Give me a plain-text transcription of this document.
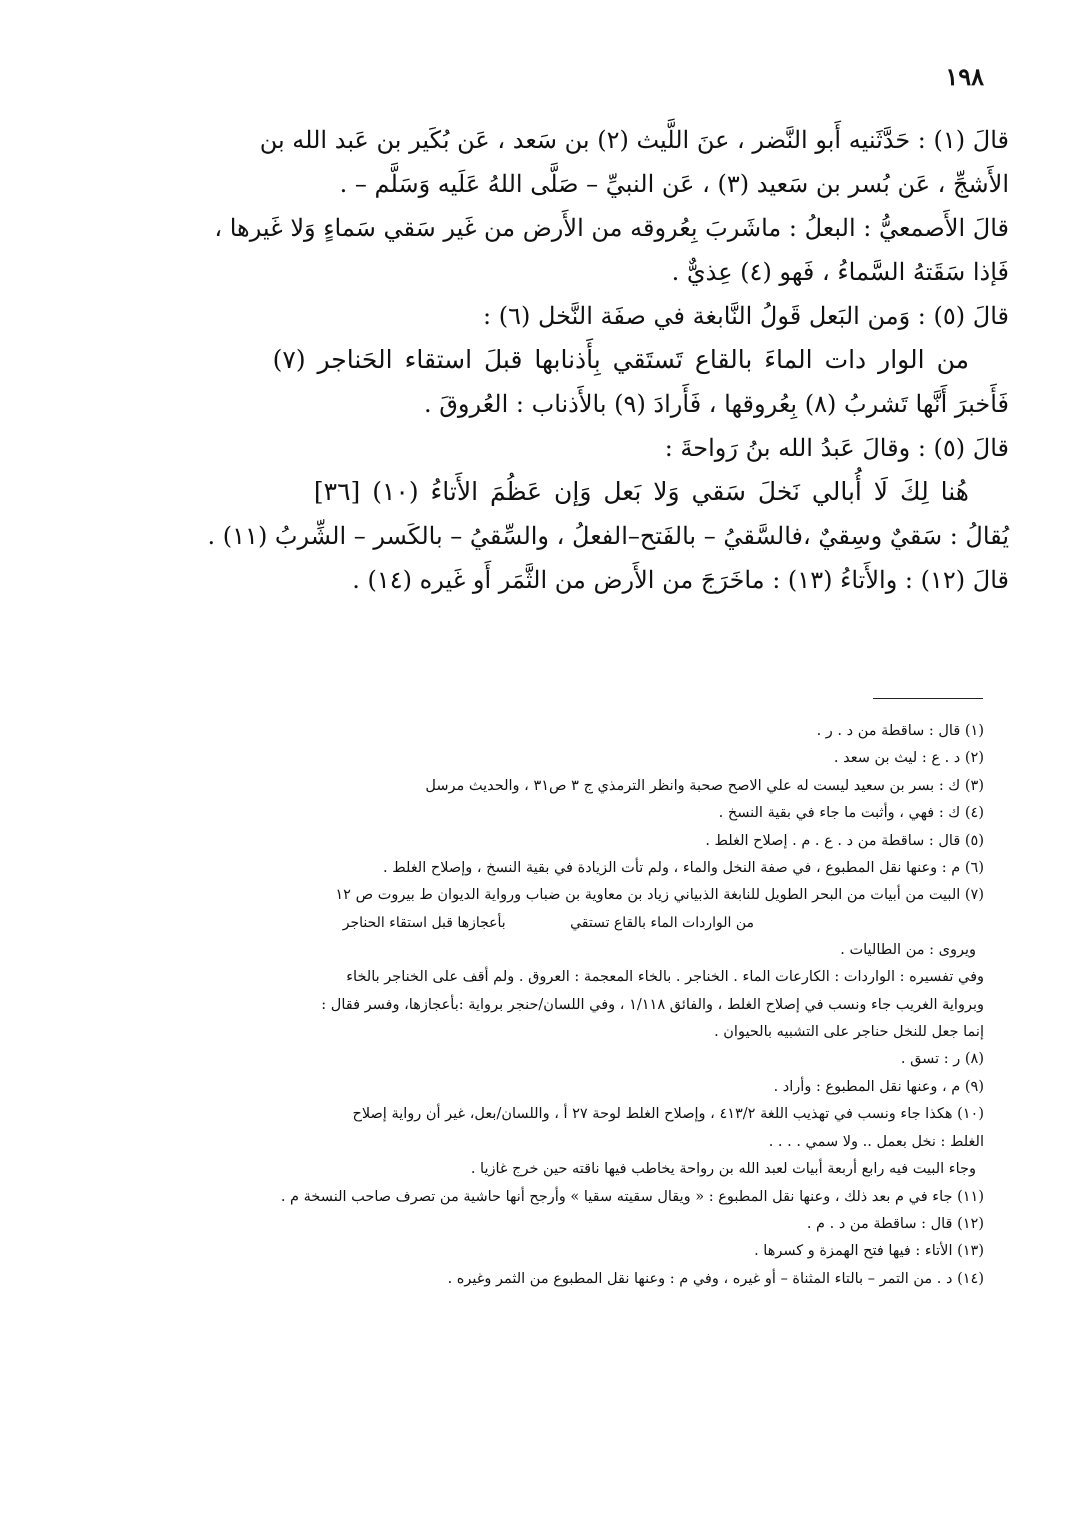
١٩٨
قالَ (١) : حَدَّثَنيه أَبو النَّضر ، عنَ اللَّيث (٢) بن سَعد ، عَن بُكَير بن عَبد الله بن
الأَشجِّ ، عَن بُسر بن سَعيد (٣) ، عَن النبيِّ – صَلَّى اللهُ عَلَيه وَسَلَّم – .
قالَ الأَصمعيُّ : البعلُ : ماشَربَ بِعُروقه من الأَرض من غَير سَقي سَماءٍ وَلا غَيرها ،
فَإذا سَقَتهُ السَّماءُ ، فَهو (٤) عِذيٌّ .
قالَ (٥) : وَمن البَعل قَولُ النَّابغة في صفَة النَّخل (٦) :
من الوار دات الماءَ بالقاع تَستَقي بِأَذنابها قبلَ استقاء الحَناجر (٧)
فَأَخبرَ أَنَّها تَشربُ (٨) بِعُروقها ، فَأَرادَ (٩) بالأَذناب : العُروقَ .
قالَ (٥) : وقالَ عَبدُ الله بنُ رَواحةَ :
هُنا لِكَ لَا أُبالي نَخلَ سَقي وَلا بَعل وَإن عَظُمَ الأَتاءُ (١٠) [٣٦]
يُقالُ : سَقيٌ وسِقيٌ ،فالسَّقيُ – بالفَتح–الفعلُ ، والسِّقيُ – بالكَسر – الشِّربُ (١١) .
قالَ (١٢) : والأَتاءُ (١٣) : ماخَرَجَ من الأَرض من الثَّمَر أَو غَيره (١٤) .
(١) قال : ساقطة من د . ر .
(٢) د . ع : ليث بن سعد .
(٣) ك : بسر بن سعيد ليست له علي الاصح صحبة وانظر الترمذي ج ٣ ص٣١ ، والحديث مرسل
(٤) ك : فهي ، وأثبت ما جاء في بقية النسخ .
(٥) قال : ساقطة من د . ع . م . إصلاح الغلط .
(٦) م : وعنها نقل المطبوع ، في صفة النخل والماء ، ولم تأت الزيادة في بقية النسخ ، وإصلاح الغلط .
(٧) البيت من أبيات من البحر الطويل للنابغة الذبياني زياد بن معاوية بن ضباب ورواية الديوان ط بيروت ص ١٢
من الواردات الماء بالقاع تستقي بأعجازها قبل استقاء الحناجر
ويروى : من الطاليات .
وفي تفسيره : الواردات : الكارعات الماء . الخناجر . بالخاء المعجمة : العروق . ولم أقف على الخناجر بالخاء
وبرواية الغريب جاء ونسب في إصلاح الغلط ، والفائق ١/١١٨ ، وفي اللسان/حنجر برواية :بأعجازها، وفسر فقال :
إنما جعل للنخل حناجر على التشبيه بالحيوان .
(٨) ر : تسق .
(٩) م ، وعنها نقل المطبوع : وأراد .
(١٠) هكذا جاء ونسب في تهذيب اللغة ٤١٣/٢ ، وإصلاح الغلط لوحة ٢٧ أ ، واللسان/بعل، غير أن رواية إصلاح
الغلط : نخل بعمل .. ولا سمي . . . .
وجاء البيت فيه رابع أربعة أبيات لعبد الله بن رواحة يخاطب فيها ناقته حين خرج غازيا .
(١١) جاء في م بعد ذلك ، وعنها نقل المطبوع : « ويقال سقيته سقيا » وأرجح أنها حاشية من تصرف صاحب النسخة م .
(١٢) قال : ساقطة من د . م .
(١٣) الأتاء : فيها فتح الهمزة و كسرها .
(١٤) د . من التمر – بالتاء المثناة – أو غيره ، وفي م : وعنها نقل المطبوع من الثمر وغيره .
